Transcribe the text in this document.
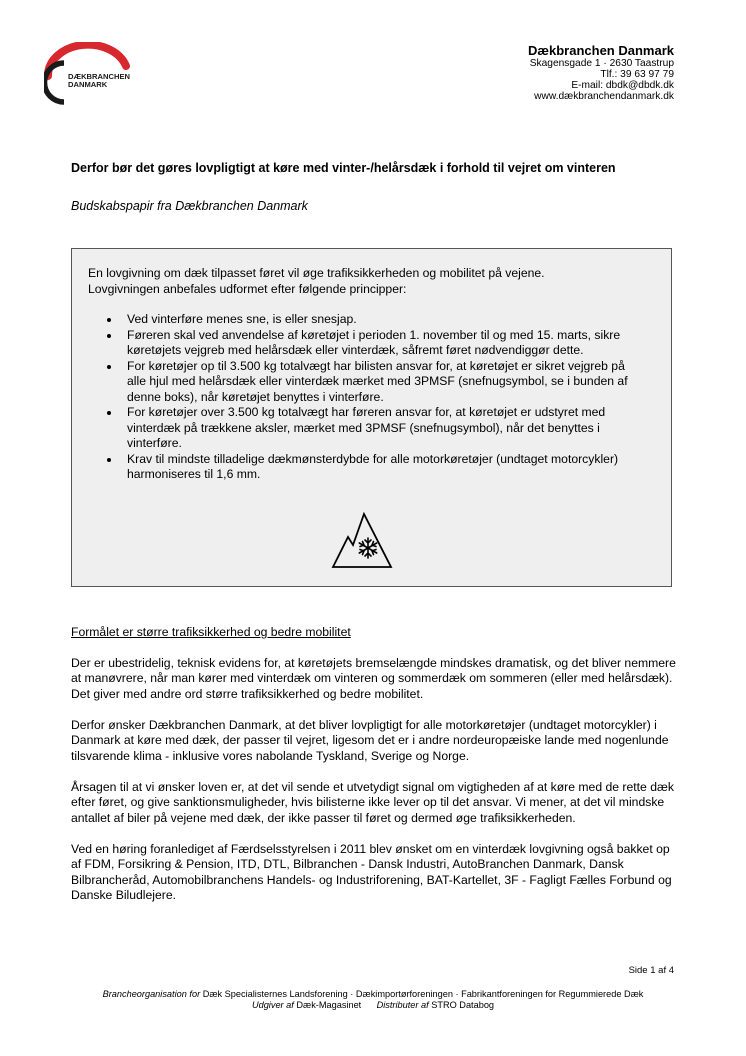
DÆKBRANCHEN
DANMARK
Dækbranchen Danmark
Skagensgade 1 · 2630 Taastrup
Tlf.: 39 63 97 79
E-mail: dbdk@dbdk.dk
www.dækbranchendanmark.dk
Derfor bør det gøres lovpligtigt at køre med vinter-/helårsdæk i forhold til vejret om vinteren
Budskabspapir fra Dækbranchen Danmark

En lovgivning om dæk tilpasset føret vil øge trafiksikkerheden og mobilitet på vejene.

Lovgivningen anbefales udformet efter følgende principper:

• Ved vinterføre menes sne, is eller snesjap.
• Føreren skal ved anvendelse af køretøjet i perioden 1. november til og med 15. marts, sikre køretøjets vejgreb med helårsdæk eller vinterdæk, såfremt føret nødvendiggør dette.
• For køretøjer op til 3.500 kg totalvægt har bilisten ansvar for, at køretøjet er sikret vejgreb på alle hjul med helårsdæk eller vinterdæk mærket med 3PMSF (snefnugsymbol, se i bunden af denne boks), når køretøjet benyttes i vinterføre.
• For køretøjer over 3.500 kg totalvægt har føreren ansvar for, at køretøjet er udstyret med vinterdæk på trækkene aksler, mærket med 3PMSF (snefnugsymbol), når det benyttes i vinterføre.
• Krav til mindste tilladelige dækmønsterdybde for alle motorkøretøjer (undtaget motorcykler) harmoniseres til 1,6 mm.
Formålet er større trafiksikkerhed og bedre mobilitet

Der er ubestridelig, teknisk evidens for, at køretøjets bremselængde mindskes dramatisk, og det bliver nemmere at manøvrere, når man kører med vinterdæk om vinteren og sommerdæk om sommeren (eller med helårsdæk). Det giver med andre ord større trafiksikkerhed og bedre mobilitet.

Derfor ønsker Dækbranchen Danmark, at det bliver lovpligtigt for alle motorkøretøjer (undtaget motorcykler) i Danmark at køre med dæk, der passer til vejret, ligesom det er i andre nordeuropæiske lande med nogenlunde tilsvarende klima - inklusive vores nabolande Tyskland, Sverige og Norge.

Årsagen til at vi ønsker loven er, at det vil sende et utvetydigt signal om vigtigheden af at køre med de rette dæk efter føret, og give sanktionsmuligheder, hvis bilisterne ikke lever op til det ansvar. Vi mener, at det vil mindske antallet af biler på vejene med dæk, der ikke passer til føret og dermed øge trafiksikkerheden.

Ved en høring foranlediget af Færdselsstyrelsen i 2011 blev ønsket om en vinterdæk lovgivning også bakket op af FDM, Forsikring & Pension, ITD, DTL, Bilbranchen - Dansk Industri, AutoBranchen Danmark, Dansk Bilbrancheråd, Automobilbranchens Handels- og Industriforening, BAT-Kartellet, 3F - Fagligt Fælles Forbund og Danske Biludlejere.

Side 1 af 4
Brancheorganisation for Dæk Specialisternes Landsforening · Dækimportørforeningen · Fabrikantforeningen for Regummierede Dæk
Udgiver af Dæk-Magasinet Distributer af STRO Databog
